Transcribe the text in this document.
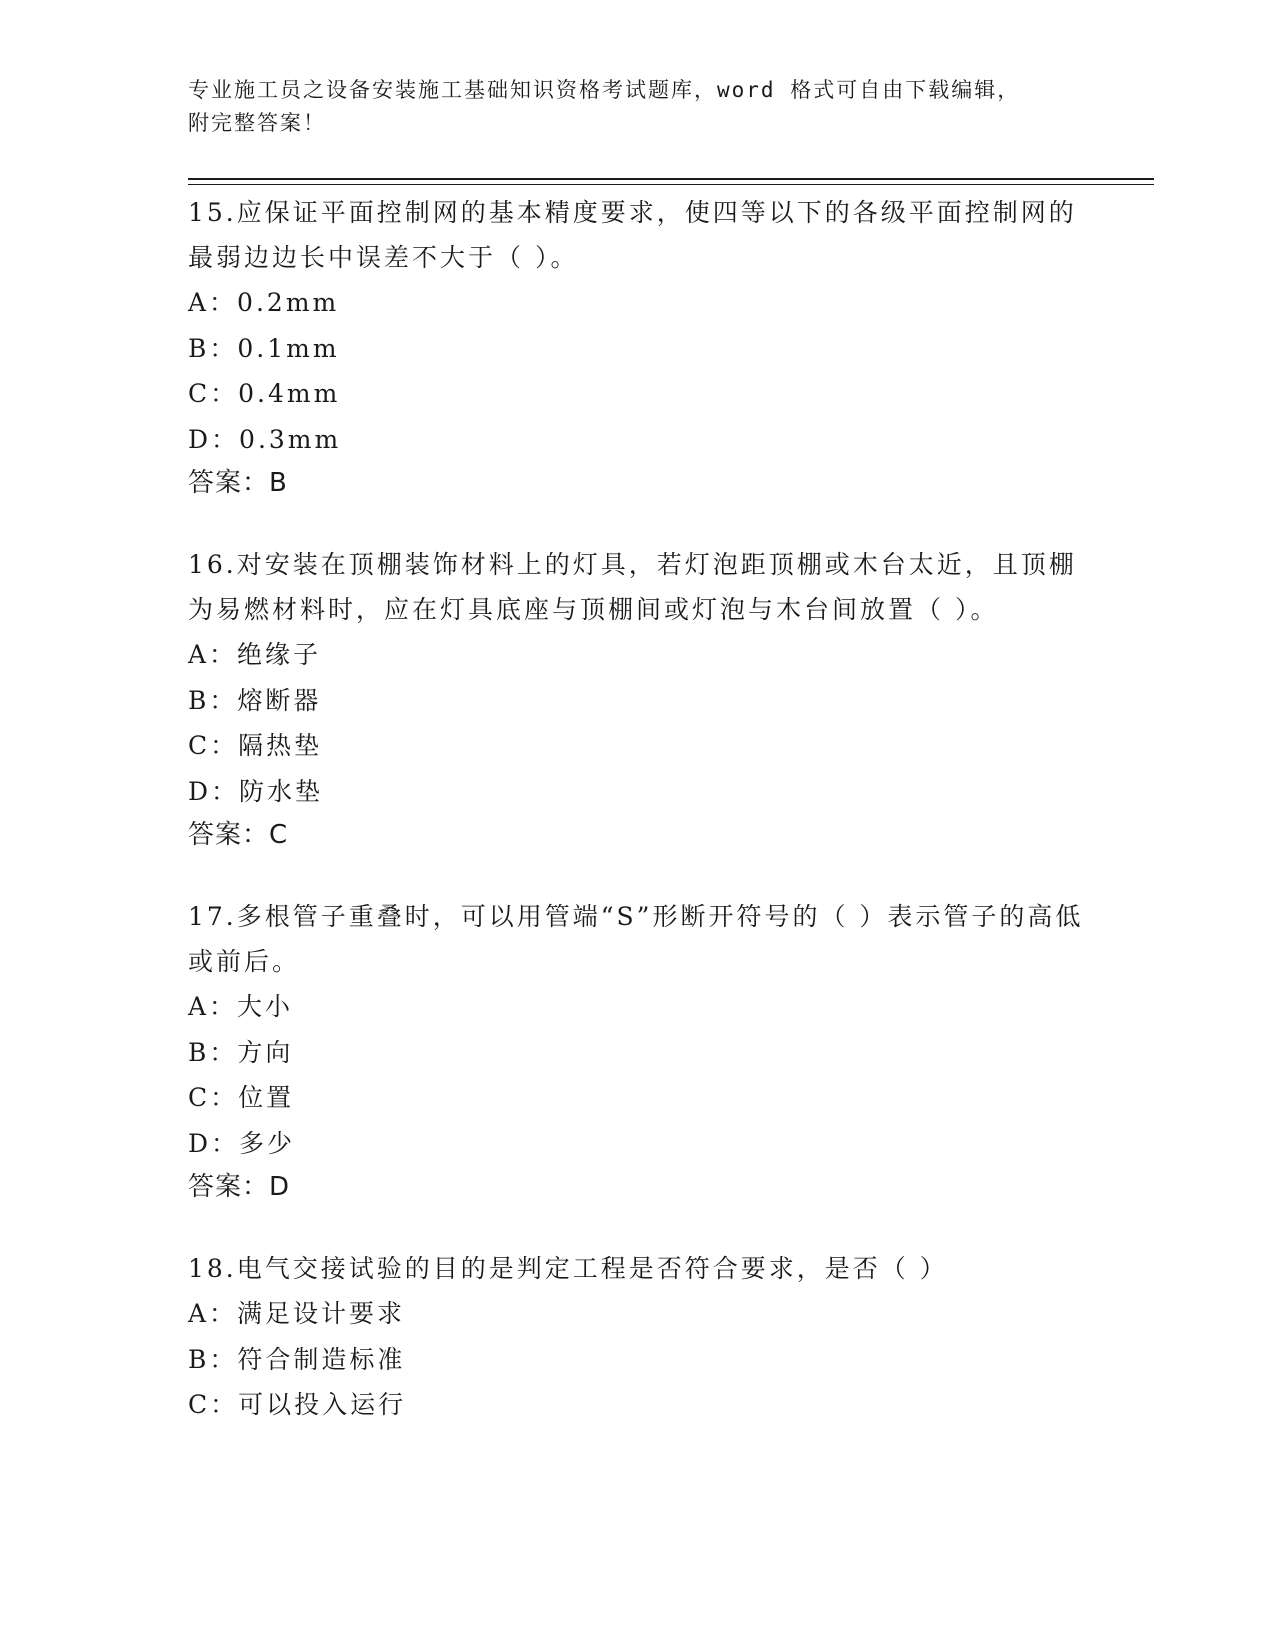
专业施工员之设备安装施工基础知识资格考试题库，word 格式可自由下载编辑，
附完整答案！

15.应保证平面控制网的基本精度要求，使四等以下的各级平面控制网的最弱边边长中误差不大于（ ）。

A：0.2mm

B：0.1mm

C：0.4mm

D：0.3mm

答案：B

16.对安装在顶棚装饰材料上的灯具，若灯泡距顶棚或木台太近，且顶棚为易燃材料时，应在灯具底座与顶棚间或灯泡与木台间放置（ ）。

A：绝缘子

B：熔断器

C：隔热垫

D：防水垫

答案：C

17.多根管子重叠时，可以用管端“S”形断开符号的（ ）表示管子的高低或前后。

A：大小

B：方向

C：位置

D：多少

答案：D

18.电气交接试验的目的是判定工程是否符合要求，是否（ ）

A：满足设计要求

B：符合制造标准

C：可以投入运行
